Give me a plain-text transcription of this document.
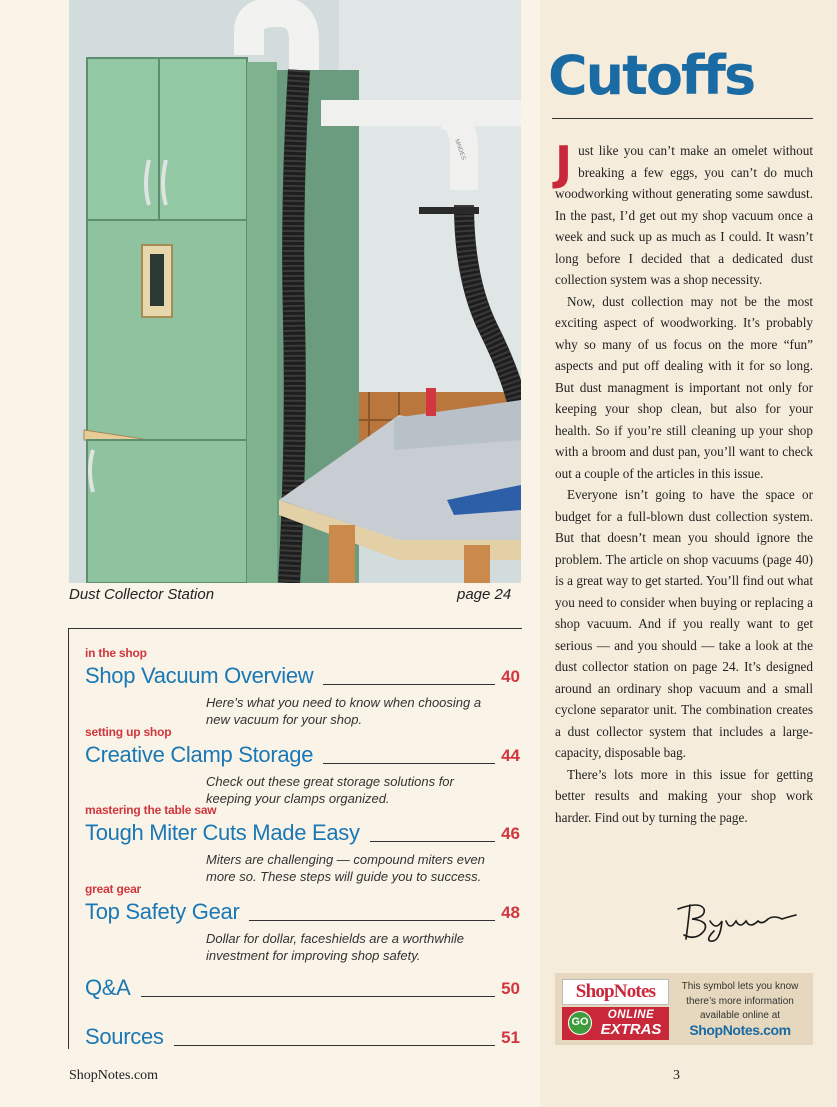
MNDES
Dust Collector Station	page 24
in the shop
Shop Vacuum Overview	40
Here’s what you need to know when choosing a new vacuum for your shop.
setting up shop
Creative Clamp Storage	44
Check out these great storage solutions for keeping your clamps organized.
mastering the table saw
Tough Miter Cuts Made Easy	46
Miters are challenging — compound miters even more so. These steps will guide you to success.
great gear
Top Safety Gear	48
Dollar for dollar, faceshields are a worthwhile investment for improving shop safety.
Q&A	50
Sources	51
Cutoffs

Just like you can’t make an omelet without breaking a few eggs, you can’t do much woodworking without generating some sawdust. In the past, I’d get out my shop vacuum once a week and suck up as much as I could. It wasn’t long before I decided that a dedicated dust collection system was a shop necessity.

Now, dust collection may not be the most exciting aspect of woodworking. It’s probably why so many of us focus on the more “fun” aspects and put off dealing with it for so long. But dust managment is important not only for keeping your shop clean, but also for your health. So if you’re still cleaning up your shop with a broom and dust pan, you’ll want to check out a couple of the articles in this issue.

Everyone isn’t going to have the space or budget for a full-blown dust collection system. But that doesn’t mean you should ignore the problem. The article on shop vacuums (page 40) is a great way to get started. You’ll find out what you need to consider when buying or replacing a shop vacuum. And if you really want to get serious — and you should — take a look at the dust collector station on page 24. It’s designed around an ordinary shop vacuum and a small cyclone separator unit. The combination creates a dust collector system that includes a large-capacity, disposable bag.

There’s lots more in this issue for getting better results and making your shop work harder. Find out by turning the page.

ShopNotes
GO
ONLINE
EXTRAS
This symbol lets you know there’s more information available online at
ShopNotes.com
ShopNotes.com	3
